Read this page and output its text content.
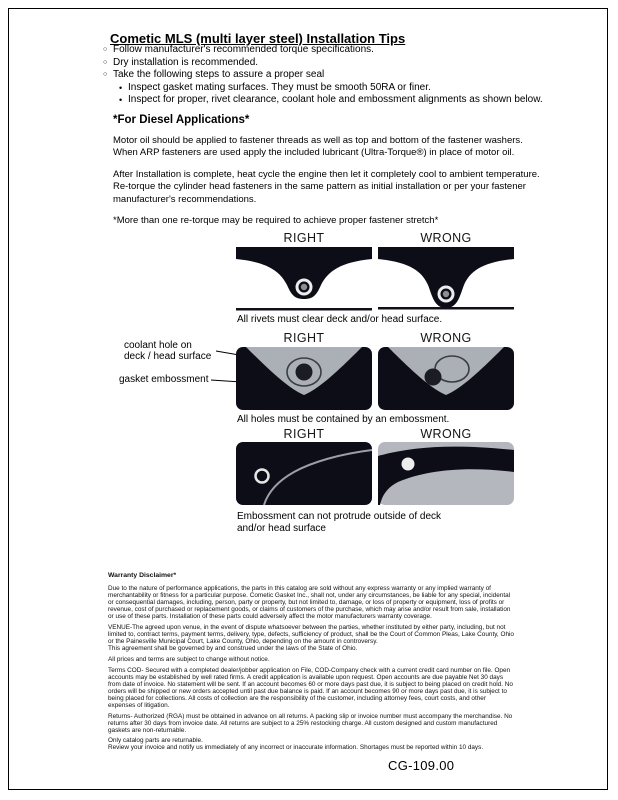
Cometic MLS (multi layer steel) Installation Tips
○ Follow manufacturer's recommended torque specifications.
○ Dry installation is recommended.
○ Take the following steps to assure a proper seal
• Inspect gasket mating surfaces. They must be smooth 50RA or finer.
• Inspect for proper, rivet clearance, coolant hole and embossment alignments as shown below.
*For Diesel Applications*

Motor oil should be applied to fastener threads as well as top and bottom of the fastener washers. When ARP fasteners are used apply the included lubricant (Ultra-Torque®) in place of motor oil.

After Installation is complete, heat cycle the engine then let it completely cool to ambient temperature. Re-torque the cylinder head fasteners in the same pattern as initial installation or per your fastener manufacturer's recommendations.

*More than one re-torque may be required to achieve proper fastener stretch*

RIGHT	WRONG
All rivets must clear deck and/or head surface.
RIGHT	WRONG
coolant hole on
deck / head surface
gasket embossment
All holes must be contained by an embossment.
RIGHT	WRONG
Embossment can not protrude outside of deck and/or head surface
Warranty Disclaimer*

Due to the nature of performance applications, the parts in this catalog are sold without any express warranty or any implied warranty of merchantability or fitness for a particular purpose. Cometic Gasket Inc., shall not, under any circumstances, be liable for any special, incidental or consequential damages, including, person, party or property, but not limited to, damage, or loss of property or equipment, loss of profits or revenue, cost of purchased or replacement goods, or claims of customers of the purchase, which may arise and/or result from sale, installation or use of these parts. Installation of these parts could adversely affect the motor manufacturers warranty coverage.

VENUE-The agreed upon venue, in the event of dispute whatsoever between the parties, whether instituted by either party, including, but not limited to, contract terms, payment terms, delivery, type, defects, sufficiency of product, shall be the Court of Common Pleas, Lake County, Ohio or the Painesville Municipal Court, Lake County, Ohio, depending on the amount in controversy.

This agreement shall be governed by and construed under the laws of the State of Ohio.

All prices and terms are subject to change without notice.

Terms COD- Secured with a completed dealer/jobber application on File, COD-Company check with a current credit card number on file. Open accounts may be established by well rated firms. A credit application is available upon request. Open accounts are due payable Net 30 days from date of invoice. No statement will be sent. If an account becomes 60 or more days past due, it is subject to being placed on credit hold. No orders will be shipped or new orders accepted until past due balance is paid. If an account becomes 90 or more days past due, it is subject to being placed for collections. All costs of collection are the responsibility of the customer, including attorney fees, court costs, and other expenses of litigation.

Returns- Authorized (RGA) must be obtained in advance on all returns. A packing slip or invoice number must accompany the merchandise. No returns after 30 days from invoice date. All returns are subject to a 25% restocking charge. All custom designed and custom manufactured gaskets are non-returnable.

Only catalog parts are returnable.

Review your invoice and notify us immediately of any incorrect or inaccurate information. Shortages must be reported within 10 days.

CG-109.00
